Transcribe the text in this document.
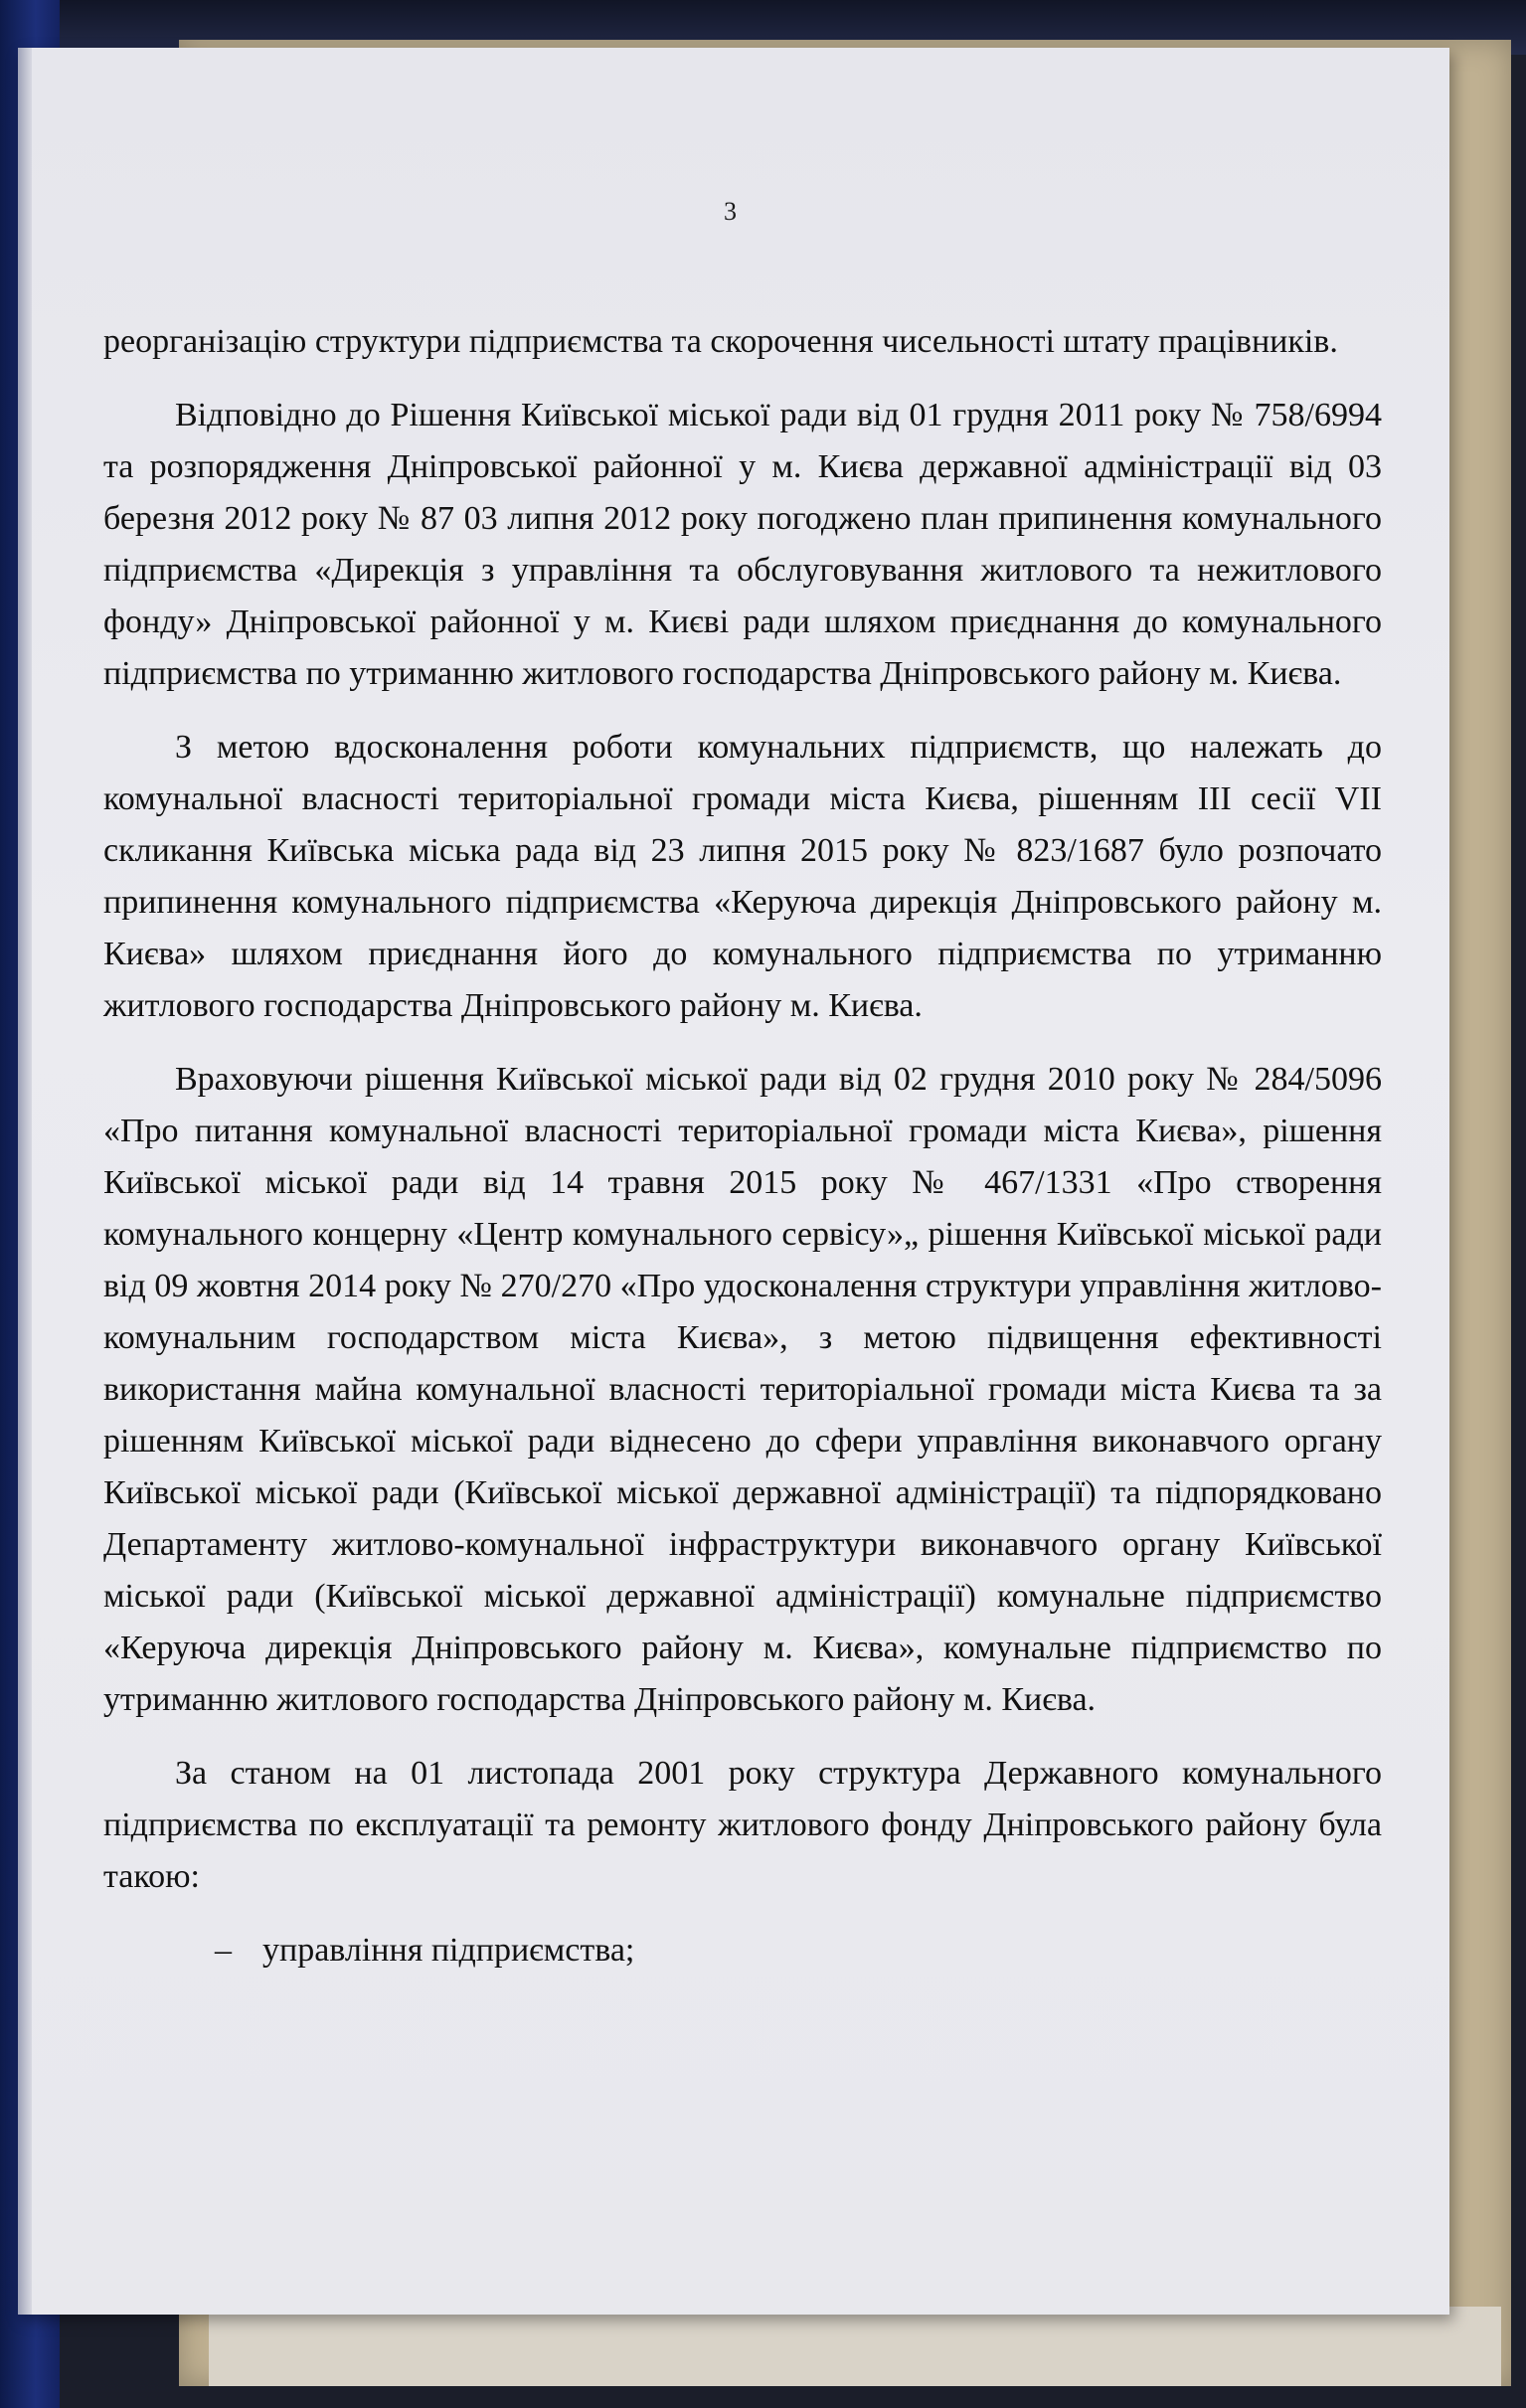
3

реорганізацію структури підприємства та скорочення чисельності штату працівників.

Відповідно до Рішення Київської міської ради від 01 грудня 2011 року № 758/6994 та розпорядження Дніпровської районної у м. Києва державної адміністрації від 03 березня 2012 року № 87 03 липня 2012 року погоджено план припинення комунального підприємства «Дирекція з управління та обслуговування житлового та нежитлового фонду» Дніпровської районної у м. Києві ради шляхом приєднання до комунального підприємства по утриманню житлового господарства Дніпровського району м. Києва.

З метою вдосконалення роботи комунальних підприємств, що належать до комунальної власності територіальної громади міста Києва, рішенням III сесії VII скликання Київська міська рада від 23 липня 2015 року № 823/1687 було розпочато припинення комунального підприємства «Керуюча дирекція Дніпровського району м. Києва» шляхом приєднання його до комунального підприємства по утриманню житлового господарства Дніпровського району м. Києва.

Враховуючи рішення Київської міської ради від 02 грудня 2010 року № 284/5096 «Про питання комунальної власності територіальної громади міста Києва», рішення Київської міської ради від 14 травня 2015 року № 467/1331 «Про створення комунального концерну «Центр комунального сервісу»„ рішення Київської міської ради від 09 жовтня 2014 року № 270/270 «Про удосконалення структури управління житлово-комунальним господарством міста Києва», з метою підвищення ефективності використання майна комунальної власності територіальної громади міста Києва та за рішенням Київської міської ради віднесено до сфери управління виконавчого органу Київської міської ради (Київської міської державної адміністрації) та підпорядковано Департаменту житлово-комунальної інфраструктури виконавчого органу Київської міської ради (Київської міської державної адміністрації) комунальне підприємство «Керуюча дирекція Дніпровського району м. Києва», комунальне підприємство по утриманню житлового господарства Дніпровського району м. Києва.

За станом на 01 листопада 2001 року структура Державного комунального підприємства по експлуатації та ремонту житлового фонду Дніпровського району була такою:

– управління підприємства;
